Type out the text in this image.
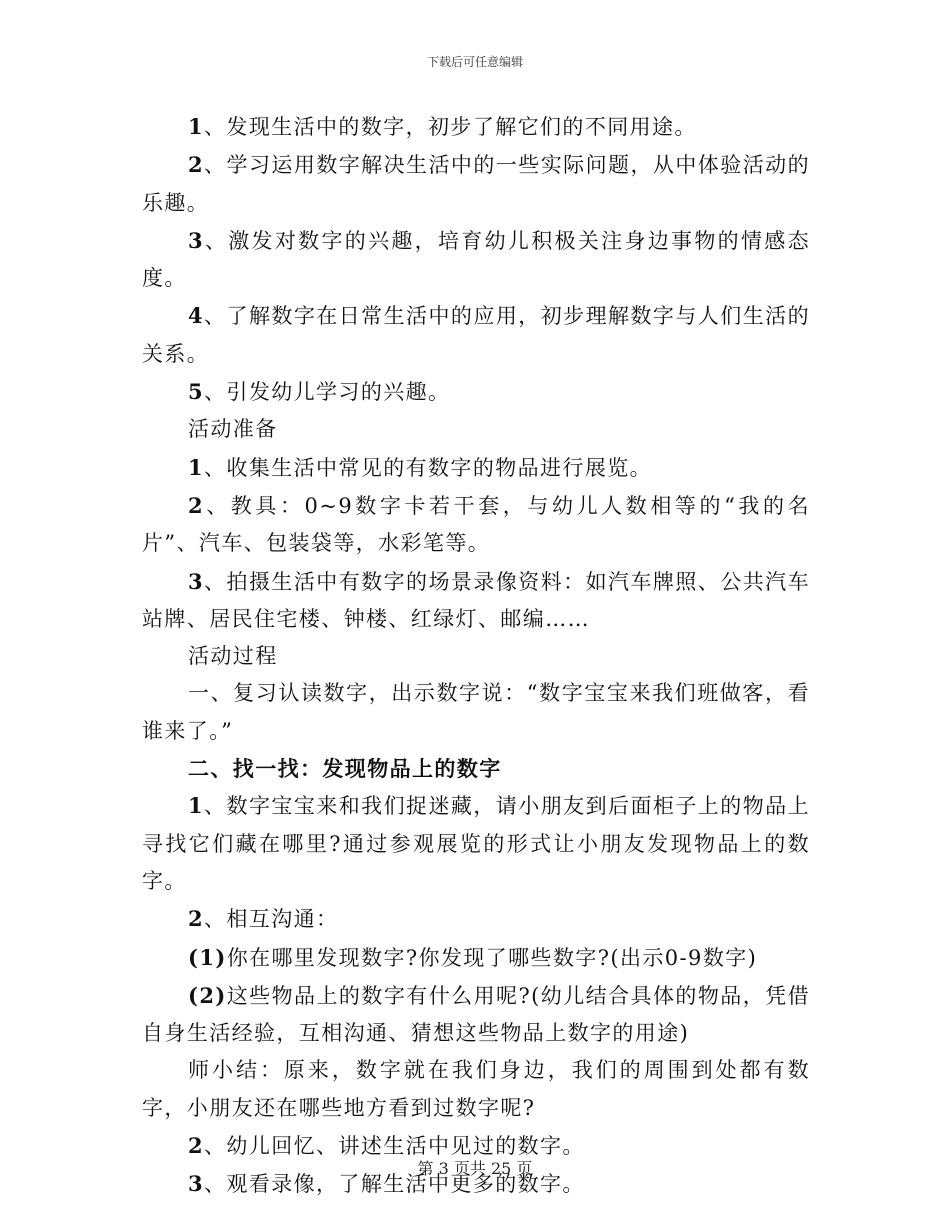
下载后可任意编辑

1、发现生活中的数字，初步了解它们的不同用途。

2、学习运用数字解决生活中的一些实际问题，从中体验活动的乐趣。

3、激发对数字的兴趣，培育幼儿积极关注身边事物的情感态度。

4、了解数字在日常生活中的应用，初步理解数字与人们生活的关系。

5、引发幼儿学习的兴趣。

活动准备

1、收集生活中常见的有数字的物品进行展览。

2、教具：0~9数字卡若干套，与幼儿人数相等的“我的名片”、汽车、包装袋等，水彩笔等。

3、拍摄生活中有数字的场景录像资料：如汽车牌照、公共汽车站牌、居民住宅楼、钟楼、红绿灯、邮编……

活动过程

一、复习认读数字，出示数字说：“数字宝宝来我们班做客，看谁来了。”

二、找一找：发现物品上的数字

1、数字宝宝来和我们捉迷藏，请小朋友到后面柜子上的物品上寻找它们藏在哪里?通过参观展览的形式让小朋友发现物品上的数字。

2、相互沟通：

(1)你在哪里发现数字?你发现了哪些数字?(出示0-9数字)

(2)这些物品上的数字有什么用呢?(幼儿结合具体的物品，凭借自身生活经验，互相沟通、猜想这些物品上数字的用途)

师小结：原来，数字就在我们身边，我们的周围到处都有数字，小朋友还在哪些地方看到过数字呢?

2、幼儿回忆、讲述生活中见过的数字。

3、观看录像，了解生活中更多的数字。

第 3 页共 25 页
